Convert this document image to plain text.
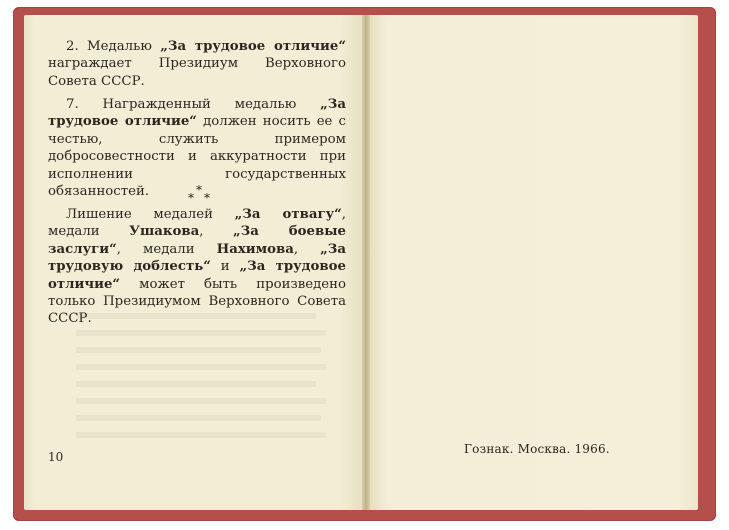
2. Медалью „За трудовое отличие“ награждает Президиум Верховного Совета СССР.
7. Награжденный медалью „За трудовое отличие“ должен носить ее с честью, служить примером добросовестности и аккуратности при исполнении государственных обязанностей.	*
* *
Лишение медалей „За отвагу“, медали Ушакова, „За боевые заслуги“, медали Нахимова, „За трудовую доблесть“ и „За трудовое отличие“ может быть произведено только Президиумом Верховного Совета СССР.
10
Гознак. Москва. 1966.
